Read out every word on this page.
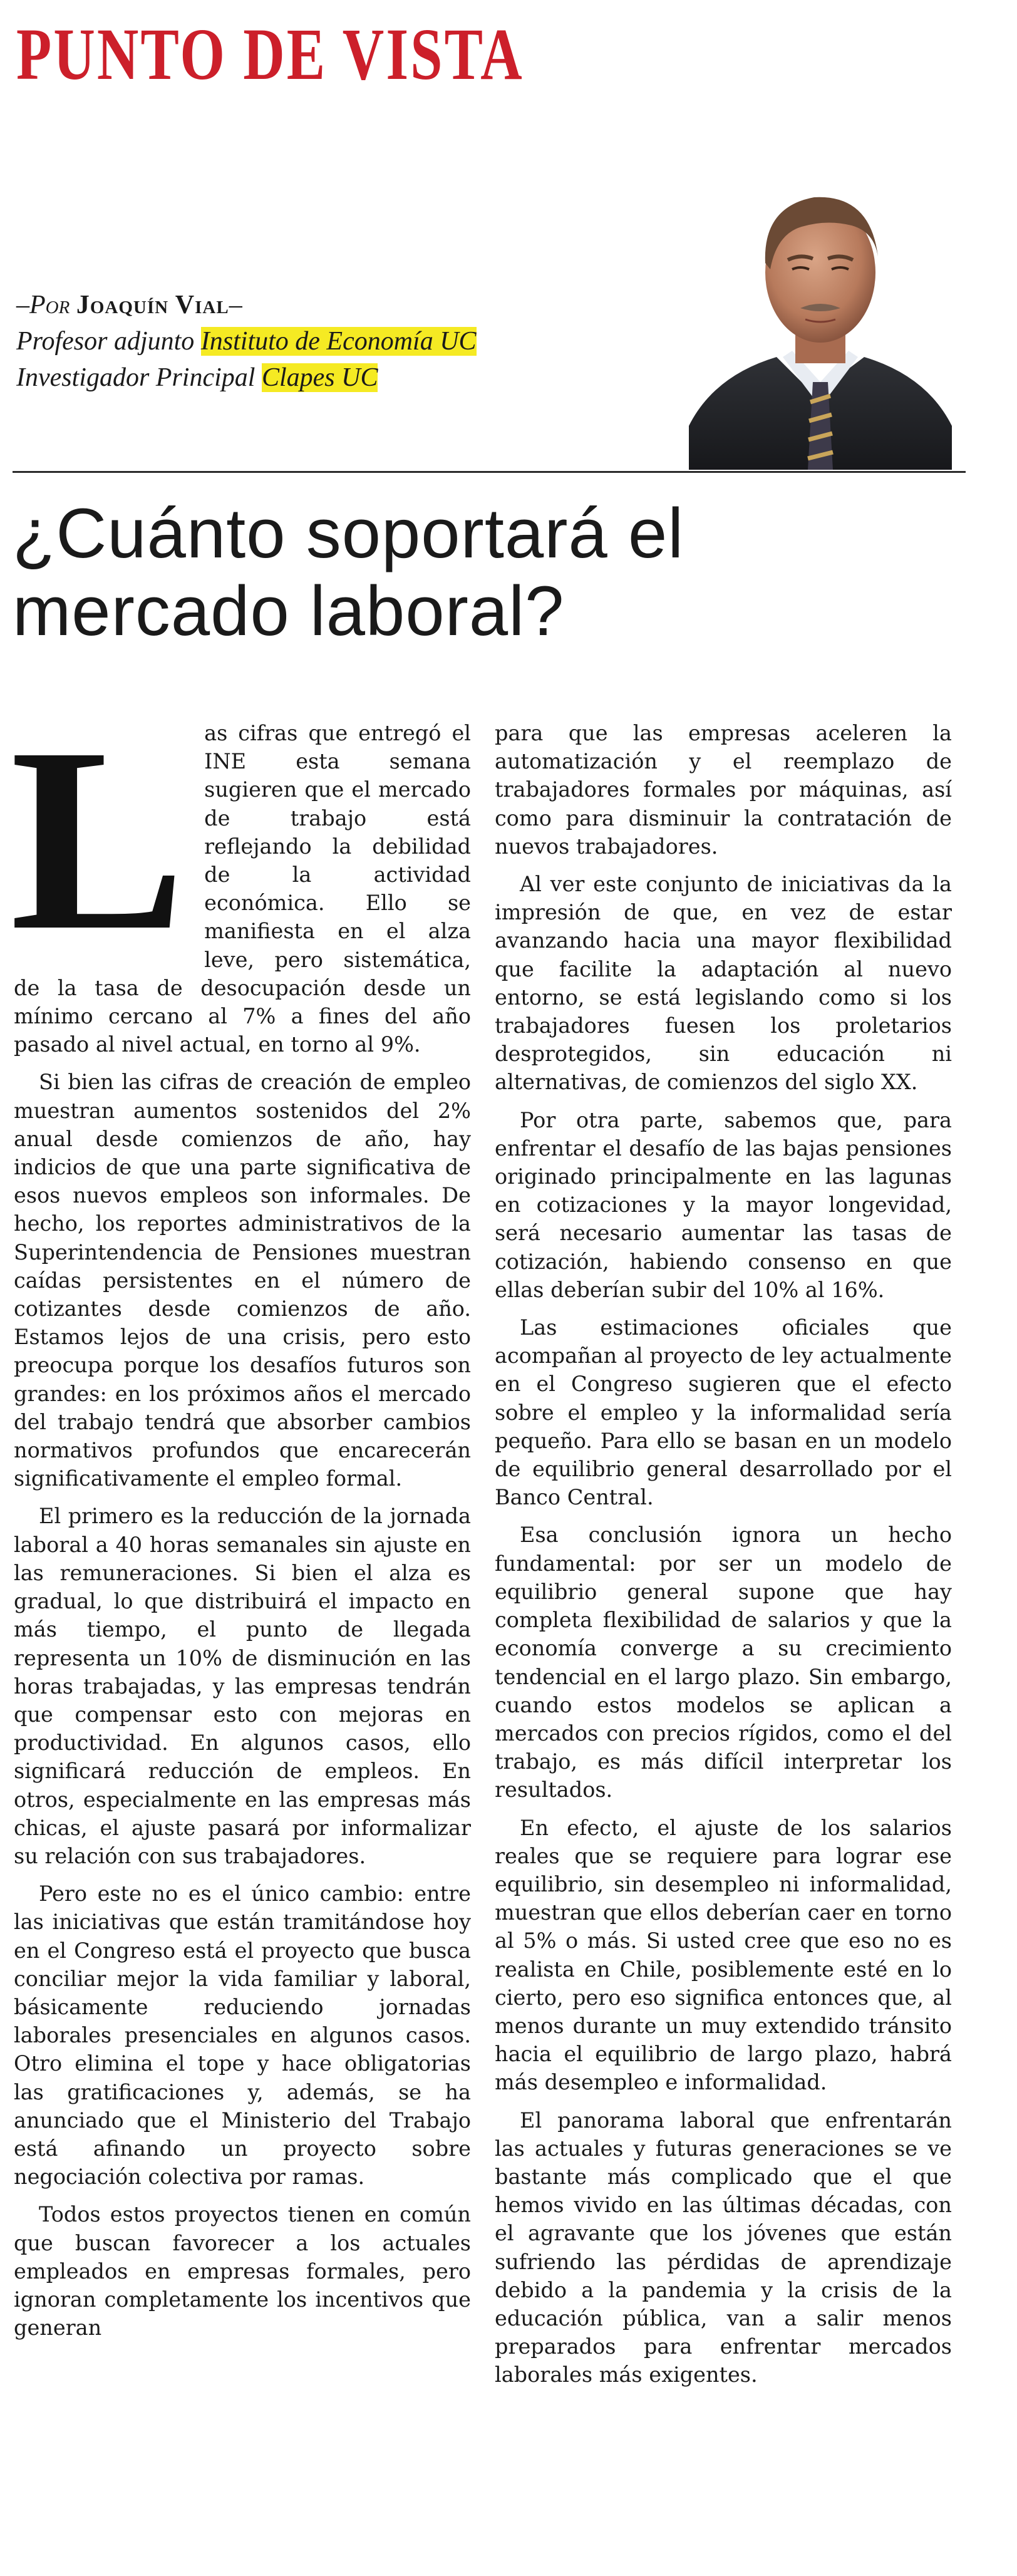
PUNTO DE VISTA
–Por Joaquín Vial–
Profesor adjunto Instituto de Economía UC
Investigador Principal Clapes UC
¿Cuánto soportará el
mercado laboral?

Las cifras que entregó el INE esta semana sugieren que el mercado de trabajo está reflejando la debilidad de la actividad económica. Ello se manifiesta en el alza leve, pero sistemática, de la tasa de desocupación desde un mínimo cercano al 7% a fines del año pasado al nivel actual, en torno al 9%.

Si bien las cifras de creación de empleo muestran aumentos sostenidos del 2% anual desde comienzos de año, hay indicios de que una parte significativa de esos nuevos empleos son informales. De hecho, los reportes administrativos de la Superintendencia de Pensiones muestran caídas persistentes en el número de cotizantes desde comienzos de año. Estamos lejos de una crisis, pero esto preocupa porque los desafíos futuros son grandes: en los próximos años el mercado del trabajo tendrá que absorber cambios normativos profundos que encarecerán significativamente el empleo formal.

El primero es la reducción de la jornada laboral a 40 horas semanales sin ajuste en las remuneraciones. Si bien el alza es gradual, lo que distribuirá el impacto en más tiempo, el punto de llegada representa un 10% de disminución en las horas trabajadas, y las empresas tendrán que compensar esto con mejoras en productividad. En algunos casos, ello significará reducción de empleos. En otros, especialmente en las empresas más chicas, el ajuste pasará por informalizar su relación con sus trabajadores.

Pero este no es el único cambio: entre las iniciativas que están tramitándose hoy en el Congreso está el proyecto que busca conciliar mejor la vida familiar y laboral, básicamente reduciendo jornadas laborales presenciales en algunos casos. Otro elimina el tope y hace obligatorias las gratificaciones y, además, se ha anunciado que el Ministerio del Trabajo está afinando un proyecto sobre negociación colectiva por ramas.

Todos estos proyectos tienen en común que buscan favorecer a los actuales empleados en empresas formales, pero ignoran completamente los incentivos que generan

para que las empresas aceleren la automatización y el reemplazo de trabajadores formales por máquinas, así como para disminuir la contratación de nuevos trabajadores.

Al ver este conjunto de iniciativas da la impresión de que, en vez de estar avanzando hacia una mayor flexibilidad que facilite la adaptación al nuevo entorno, se está legislando como si los trabajadores fuesen los proletarios desprotegidos, sin educación ni alternativas, de comienzos del siglo XX.

Por otra parte, sabemos que, para enfrentar el desafío de las bajas pensiones originado principalmente en las lagunas en cotizaciones y la mayor longevidad, será necesario aumentar las tasas de cotización, habiendo consenso en que ellas deberían subir del 10% al 16%.

Las estimaciones oficiales que acompañan al proyecto de ley actualmente en el Congreso sugieren que el efecto sobre el empleo y la informalidad sería pequeño. Para ello se basan en un modelo de equilibrio general desarrollado por el Banco Central.

Esa conclusión ignora un hecho fundamental: por ser un modelo de equilibrio general supone que hay completa flexibilidad de salarios y que la economía converge a su crecimiento tendencial en el largo plazo. Sin embargo, cuando estos modelos se aplican a mercados con precios rígidos, como el del trabajo, es más difícil interpretar los resultados.

En efecto, el ajuste de los salarios reales que se requiere para lograr ese equilibrio, sin desempleo ni informalidad, muestran que ellos deberían caer en torno al 5% o más. Si usted cree que eso no es realista en Chile, posiblemente esté en lo cierto, pero eso significa entonces que, al menos durante un muy extendido tránsito hacia el equilibrio de largo plazo, habrá más desempleo e informalidad.

El panorama laboral que enfrentarán las actuales y futuras generaciones se ve bastante más complicado que el que hemos vivido en las últimas décadas, con el agravante que los jóvenes que están sufriendo las pérdidas de aprendizaje debido a la pandemia y la crisis de la educación pública, van a salir menos preparados para enfrentar mercados laborales más exigentes.
